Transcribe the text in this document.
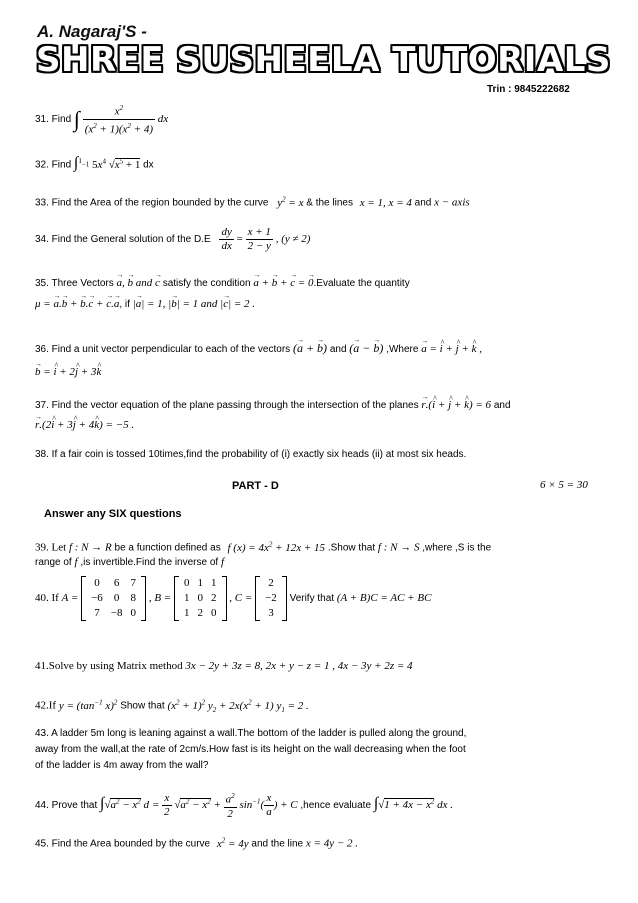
A. Nagaraj'S -
SHREE SUSHEELA TUTORIALS
Trin : 9845222682
31. Find ∫ $\frac{x^2}{(x^2 + 1)(x^2 + 4)}$ dx
32. Find ∫$^1$−1 $5x^4$ $√x^5 + 1$ dx
33. Find the Area of the region bounded by the curve $y^2 = x$ & the lines x = 1, x = 4 and x − axis
34. Find the General solution of the $D.E \frac{dy}{dx} = \frac{x + 1}{2 - y}$ , (y ≠ 2)
35. Three Vectors → a, → b and → c satisfy the condition → a + → b + → c = → 0.Evaluate the quantity
μ = → a.→ b + → b.→ c + → c.→ a, if |→ a| = 1, |→ b| = 1 and |→ c| = 2 .
36. Find a unit vector perpendicular to each of the vectors (→ a + → b) and (→ a − → b) ,Where → a = ^ i + ^ j + ^ k ,
→ b = ^ i + 2^ j + 3^ k
37. Find the vector equation of the plane passing through the intersection of the planes → r.(^ i + ^ j + ^ k) = 6 and
→ r.(2^ i + 3^ j + 4^ k) = −5 .
38. If a fair coin is tossed 10times,find the probability of (i) exactly six heads (ii) at most six heads.
PART - D	6 × 5 = 30
Answer any SIX questions
39. Let f : N → R be a function defined as f $(x) = 4x^2 + 12x + 15$ .Show that f : N → S ,where ,S is the
range of f ,is invertible.Find the inverse of f
40. If A =
0	6	7
−6	0	8
7	−8	0
, B =
0	1	1
1	0	2
1	2	0
, C =
2
−2
3
Verify that (A + B)C = AC + BC
41.Solve by using Matrix method 3x − 2y + 3z = 8, 2x + y − z = 1 , 4x − 3y + 2z = 4
42.If $y = (\tan^{-1}$ x)$^2$ Show that $(x^2 + 1)^2$ $y_2 + 2x(x^2 + 1) y_1 = 2$ .
43. A ladder 5m long is leaning against a wall.The bottom of the ladder is pulled along the ground,
away from the wall,at the rate of 2cm/s.How fast is its height on the wall decreasing when the foot
of the ladder is 4m away from the wall?
44. Prove that $\int√a^2 - x^2$ $d = \frac{x}{2} √a^2 - x^2 + \frac{a^2}{2} \sin^{-1}( \frac{x}{a}$ ) + C ,hence evaluate $\int√1 + 4x - x^2$ dx .
45. Find the Area bounded by the curve $x^2 = 4y$ and the line x = 4y − 2 .
